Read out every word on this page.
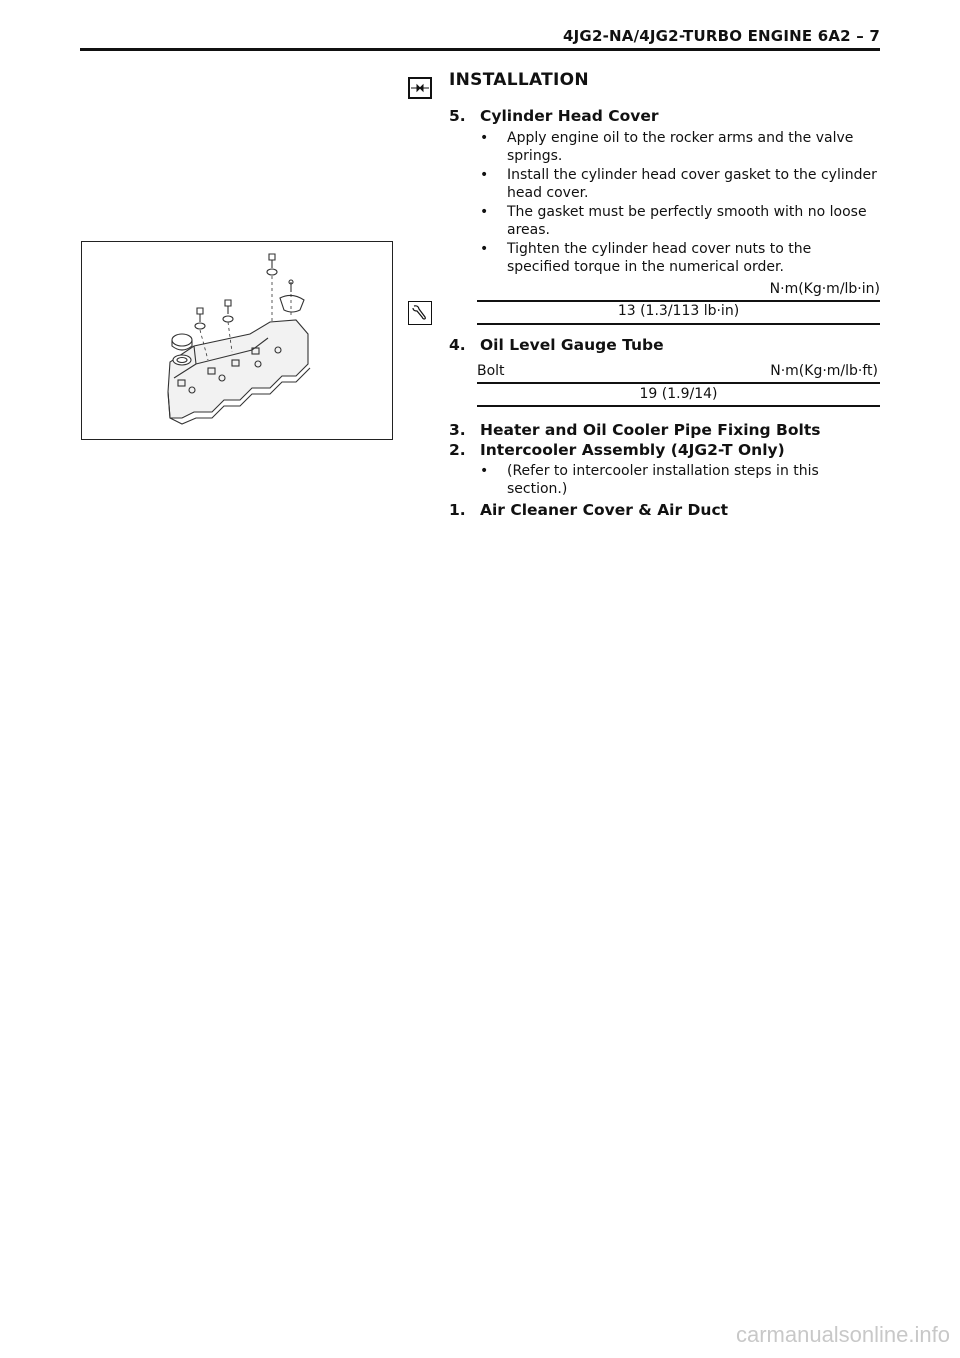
4JG2-NA/4JG2-TURBO ENGINE 6A2 – 7
INSTALLATION
5. Cylinder Head Cover
• Apply engine oil to the rocker arms and the valve springs.
• Install the cylinder head cover gasket to the cylinder head cover.
• The gasket must be perfectly smooth with no loose areas.
• Tighten the cylinder head cover nuts to the specified torque in the numerical order.
N·m(Kg·m/lb·in)
13 (1.3/113 lb·in)
4. Oil Level Gauge Tube
Bolt	N·m(Kg·m/lb·ft)
19 (1.9/14)
3. Heater and Oil Cooler Pipe Fixing Bolts
2. Intercooler Assembly (4JG2-T Only)
• (Refer to intercooler installation steps in this section.)
1. Air Cleaner Cover & Air Duct
carmanualsonline.info
